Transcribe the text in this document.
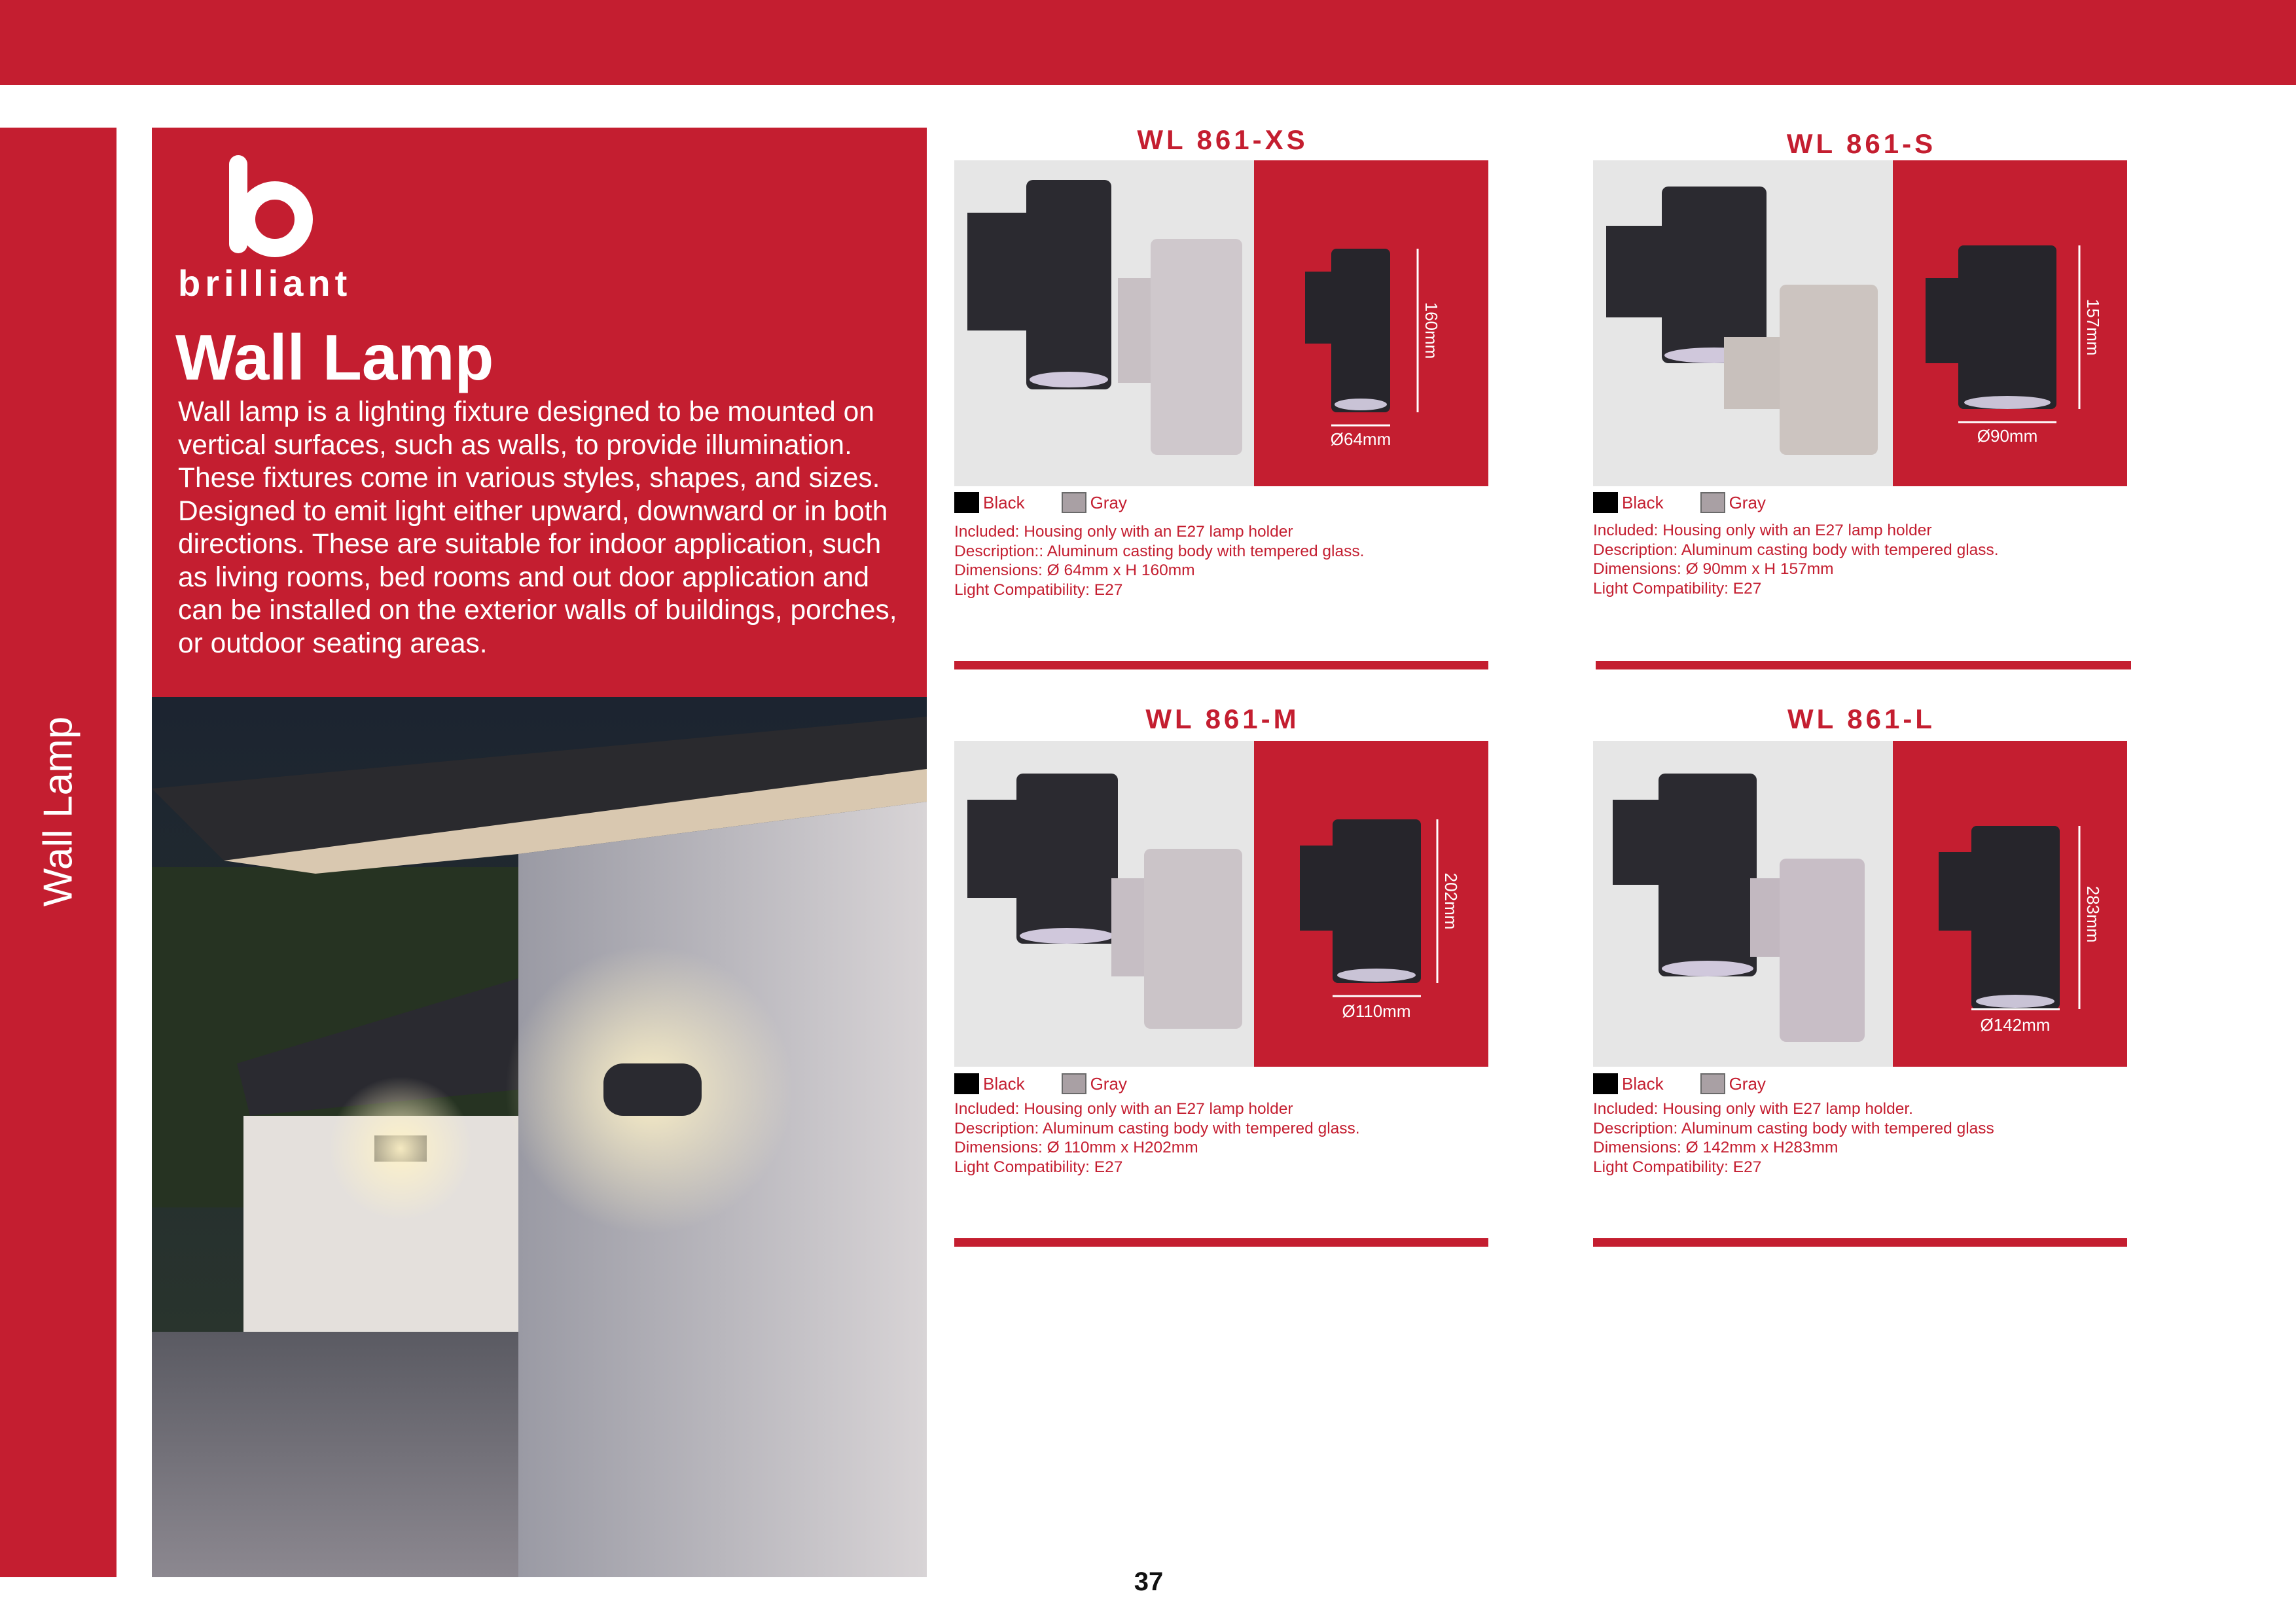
Wall Lamp
brilliant
Wall Lamp
Wall lamp is a lighting fixture designed to be mounted on vertical surfaces, such as walls, to provide illumination. These fixtures come in various styles, shapes, and sizes. Designed to emit light either upward, downward or in both directions. These are suitable for indoor application, such as living rooms, bed rooms and out door application and can be installed on the exterior walls of buildings, porches, or outdoor seating areas.
WL 861-XS
160mm
Ø64mm
Black	Gray
Included: Housing only with an E27 lamp holder
Description:: Aluminum casting body with tempered glass.
Dimensions: Ø 64mm x H 160mm
Light Compatibility: E27
WL 861-S
157mm
Ø90mm
Black	Gray
Included: Housing only with an E27 lamp holder
Description: Aluminum casting body with tempered glass.
Dimensions: Ø 90mm x H 157mm
Light Compatibility: E27
WL 861-M
202mm
Ø110mm
Black	Gray
Included: Housing only with an E27 lamp holder
Description: Aluminum casting body with tempered glass.
Dimensions: Ø 110mm x H202mm
Light Compatibility: E27
WL 861-L
283mm
Ø142mm
Black	Gray
Included: Housing only with E27 lamp holder.
Description: Aluminum casting body with tempered glass
Dimensions: Ø 142mm x H283mm
Light Compatibility: E27
37
